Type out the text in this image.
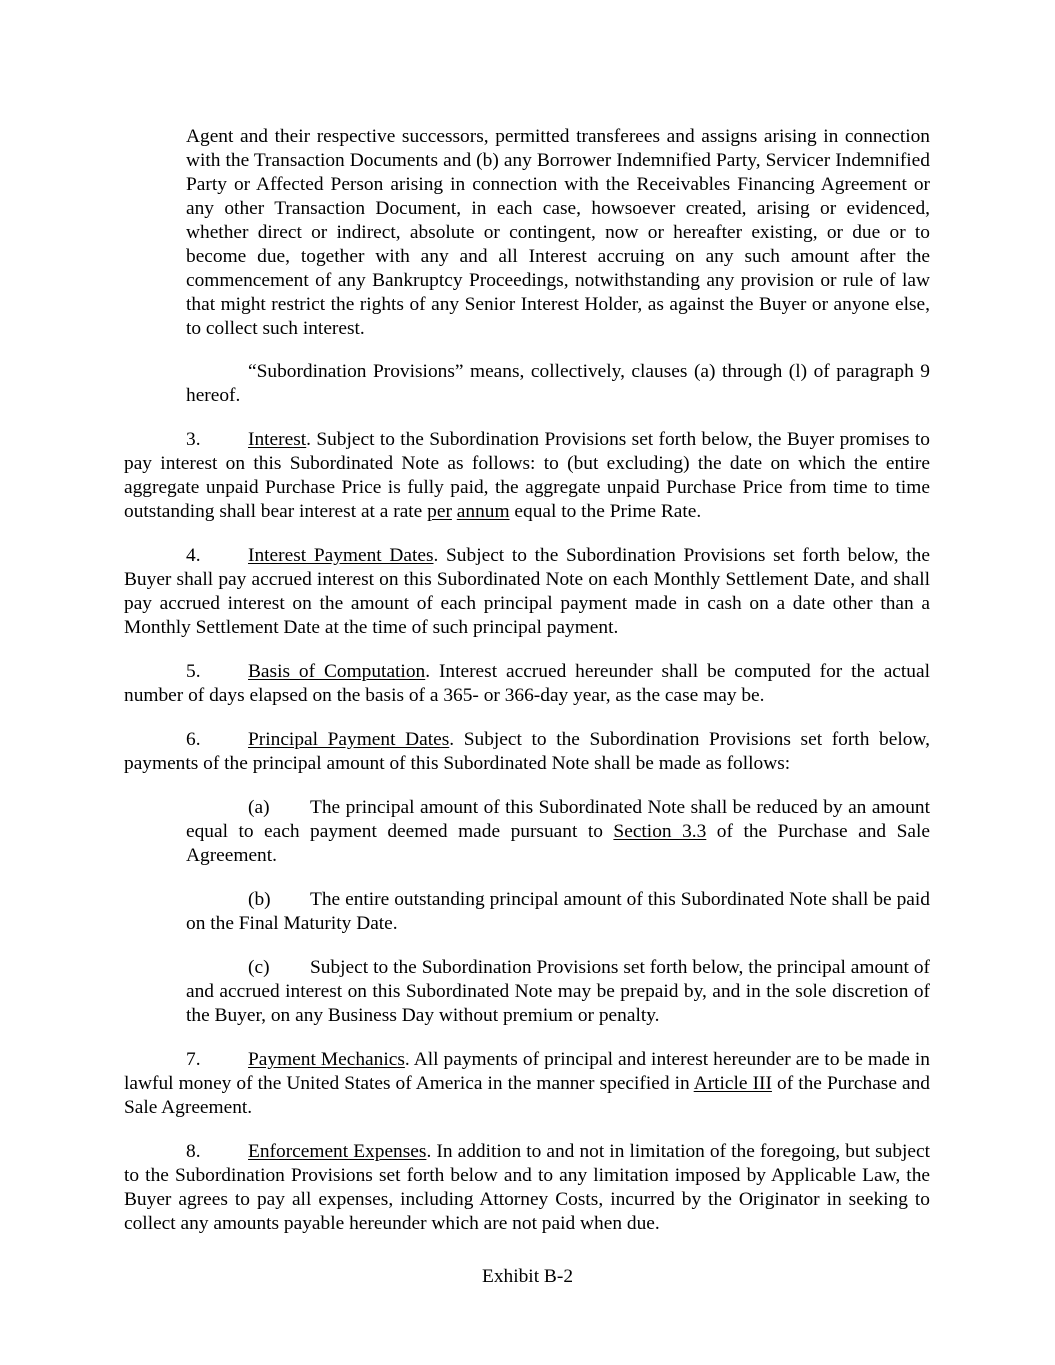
Agent and their respective successors, permitted transferees and assigns arising in connection with the Transaction Documents and (b) any Borrower Indemnified Party, Servicer Indemnified Party or Affected Person arising in connection with the Receivables Financing Agreement or any other Transaction Document, in each case, howsoever created, arising or evidenced, whether direct or indirect, absolute or contingent, now or hereafter existing, or due or to become due, together with any and all Interest accruing on any such amount after the commencement of any Bankruptcy Proceedings, notwithstanding any provision or rule of law that might restrict the rights of any Senior Interest Holder, as against the Buyer or anyone else, to collect such interest.

“Subordination Provisions” means, collectively, clauses (a) through (l) of paragraph 9 hereof.

3. Interest. Subject to the Subordination Provisions set forth below, the Buyer promises to pay interest on this Subordinated Note as follows: to (but excluding) the date on which the entire aggregate unpaid Purchase Price is fully paid, the aggregate unpaid Purchase Price from time to time outstanding shall bear interest at a rate per annum equal to the Prime Rate.

4. Interest Payment Dates. Subject to the Subordination Provisions set forth below, the Buyer shall pay accrued interest on this Subordinated Note on each Monthly Settlement Date, and shall pay accrued interest on the amount of each principal payment made in cash on a date other than a Monthly Settlement Date at the time of such principal payment.

5. Basis of Computation. Interest accrued hereunder shall be computed for the actual number of days elapsed on the basis of a 365- or 366-day year, as the case may be.

6. Principal Payment Dates. Subject to the Subordination Provisions set forth below, payments of the principal amount of this Subordinated Note shall be made as follows:

(a) The principal amount of this Subordinated Note shall be reduced by an amount equal to each payment deemed made pursuant to Section 3.3 of the Purchase and Sale Agreement.

(b) The entire outstanding principal amount of this Subordinated Note shall be paid on the Final Maturity Date.

(c) Subject to the Subordination Provisions set forth below, the principal amount of and accrued interest on this Subordinated Note may be prepaid by, and in the sole discretion of the Buyer, on any Business Day without premium or penalty.

7. Payment Mechanics. All payments of principal and interest hereunder are to be made in lawful money of the United States of America in the manner specified in Article III of the Purchase and Sale Agreement.

8. Enforcement Expenses. In addition to and not in limitation of the foregoing, but subject to the Subordination Provisions set forth below and to any limitation imposed by Applicable Law, the Buyer agrees to pay all expenses, including Attorney Costs, incurred by the Originator in seeking to collect any amounts payable hereunder which are not paid when due.

Exhibit B-2
